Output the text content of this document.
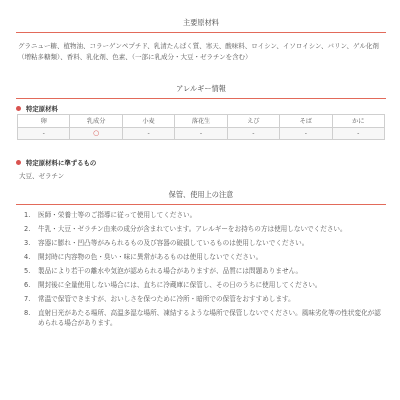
主要原材料

グラニュー糖、植物油、コラーゲンペプチド、乳清たんぱく質、寒天、酸味料、ロイシン、イソロイシン、バリン、ゲル化剤（増粘多糖類）、香料、乳化剤、色素、（一部に乳成分・大豆・ゼラチンを含む）

アレルギー情報
特定原材料
卵	乳成分	小麦	落花生	えび	そば	かに
-	○	-	-	-	-	-
特定原材料に準ずるもの

大豆、ゼラチン

保管、使用上の注意
1.	医師・栄養士等のご指導に従って使用してください。
2.	牛乳・大豆・ゼラチン由来の成分が含まれています。アレルギーをお持ちの方は使用しないでください。
3.	容器に膨れ・凹凸等がみられるもの及び容器の破損しているものは使用しないでください。
4.	開封時に内容物の色・臭い・味に異常があるものは使用しないでください。
5.	製品により若干の離水や気泡が認められる場合がありますが、品質には問題ありません。
6.	開封後に全量使用しない場合には、直ちに冷蔵庫に保管し、その日のうちに使用してください。
7.	常温で保管できますが、おいしさを保つために冷所・暗所での保管をおすすめします。
8.	直射日光があたる場所、高温多湿な場所、凍結するような場所で保管しないでください。風味劣化等の性状変化が認められる場合があります。
